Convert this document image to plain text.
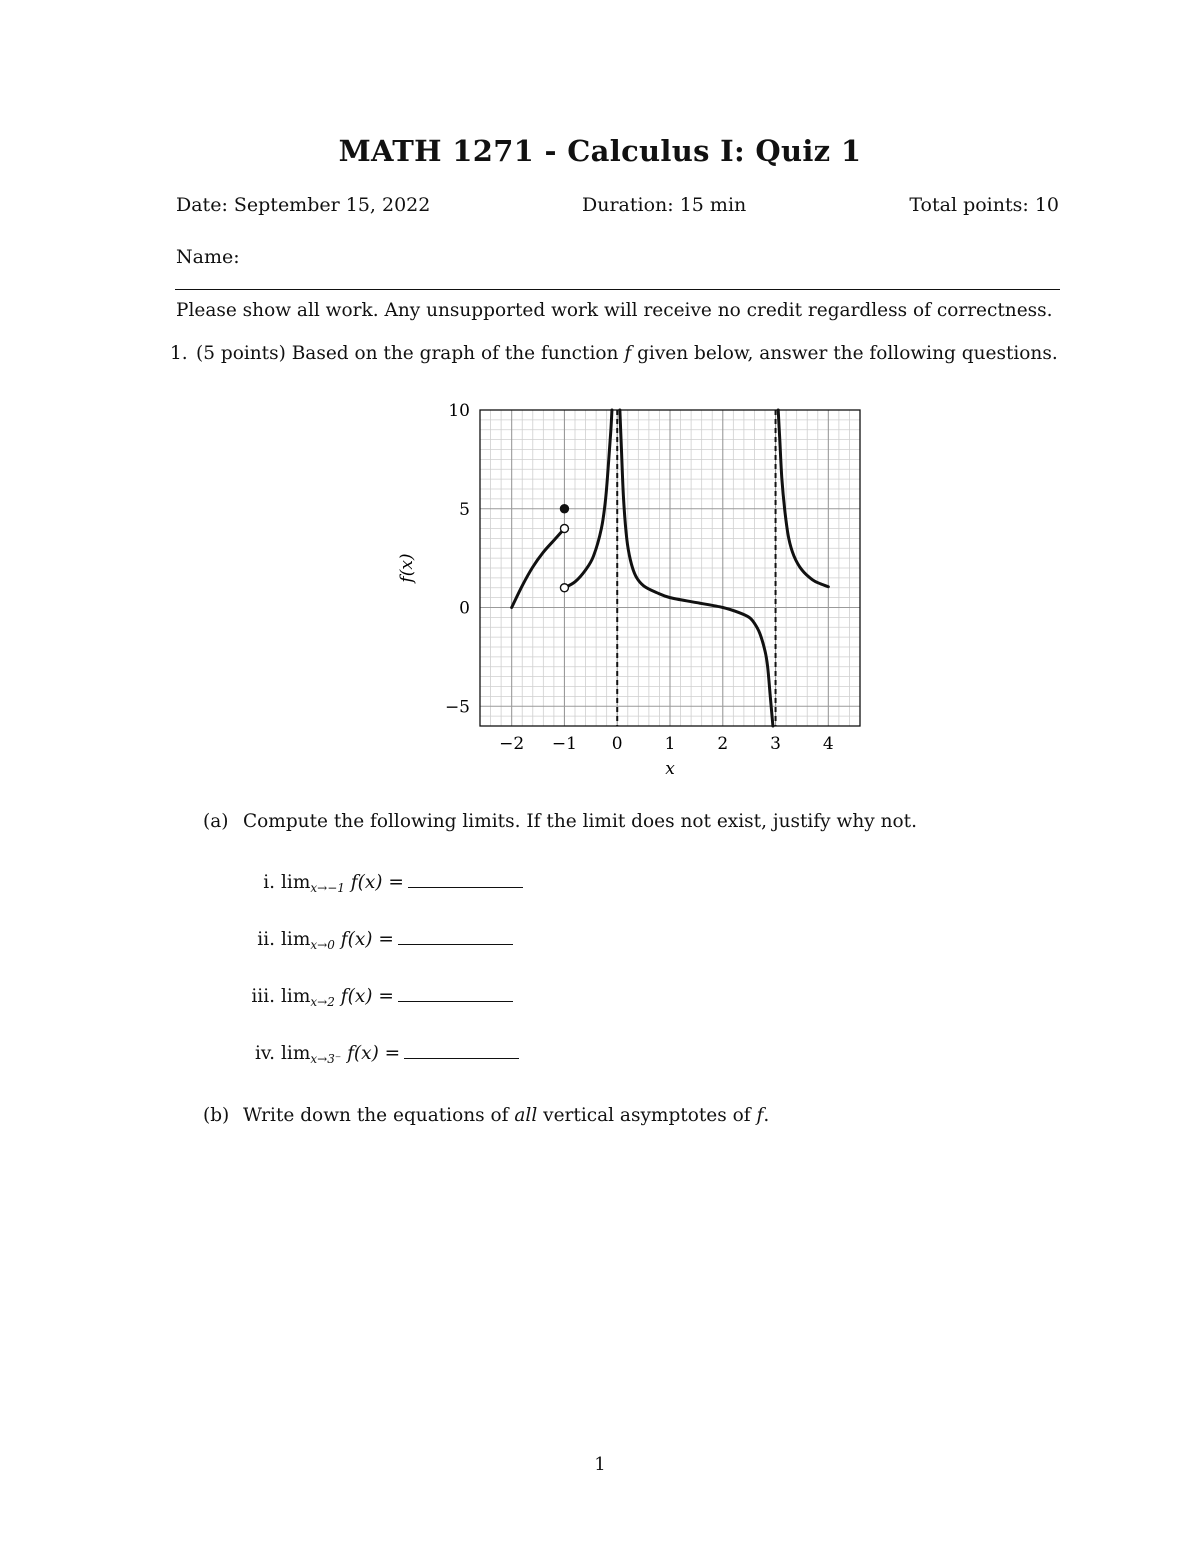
MATH 1271 - Calculus I: Quiz 1
Date: September 15, 2022	Duration: 15 min	Total points: 10
Name:
Please show all work. Any unsupported work will receive no credit regardless of correctness.
1. (5 points) Based on the graph of the function f given below, answer the following questions.
−2 −1 0 1 2 3 4
−5
0
5
10
x
f(x)
(a) Compute the following limits. If the limit does not exist, justify why not.
i. $\lim_{x\to-1} f(x)$ =
ii. $\lim_{x\to 0} f(x)$ =
iii. $\lim_{x\to 2} f(x)$ =
iv. $\lim_{x\to 3^-} f(x)$ =
(b) Write down the equations of all vertical asymptotes of f.
1
